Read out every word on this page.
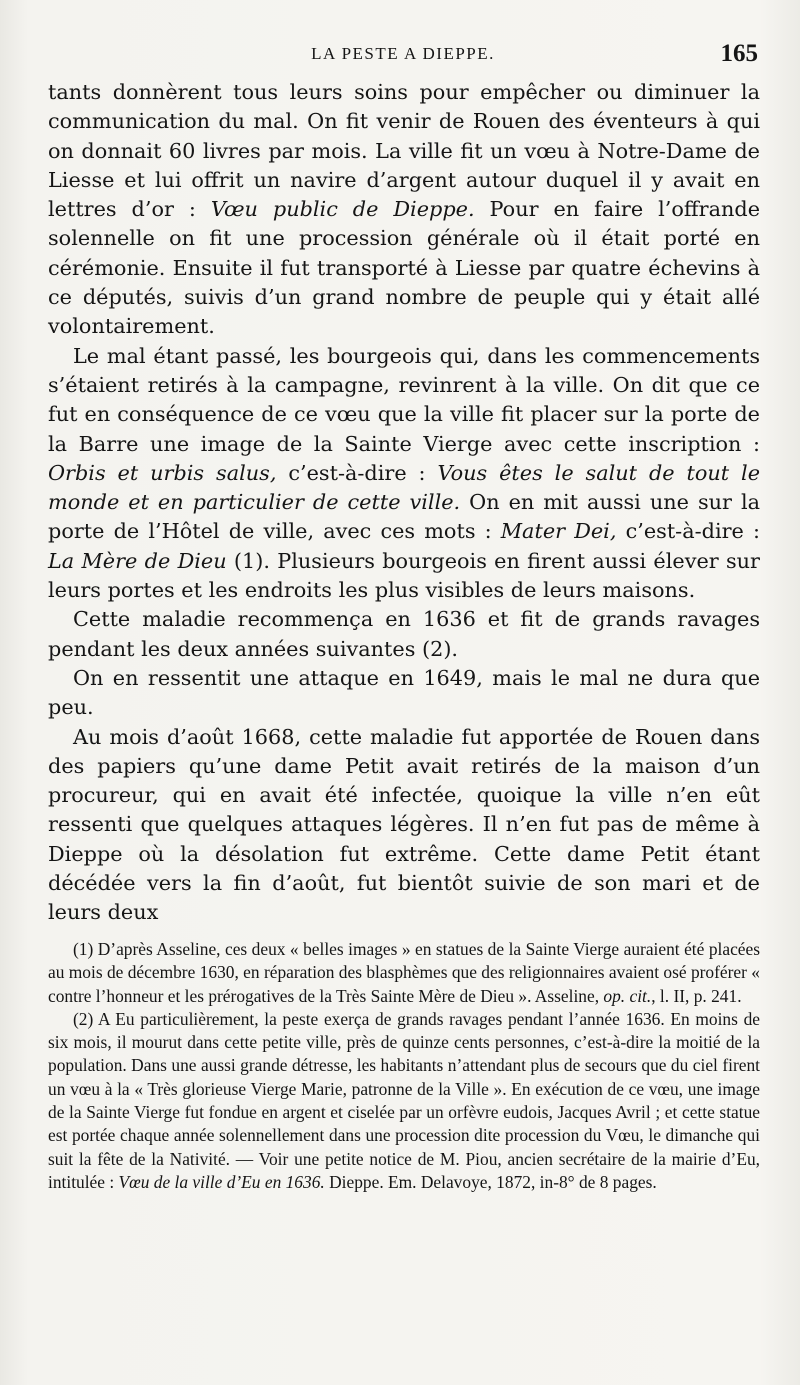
LA PESTE A DIEPPE.	165

tants donnèrent tous leurs soins pour empêcher ou diminuer la communication du mal. On fit venir de Rouen des éventeurs à qui on donnait 60 livres par mois. La ville fit un vœu à Notre-Dame de Liesse et lui offrit un navire d’argent autour duquel il y avait en lettres d’or : Vœu public de Dieppe. Pour en faire l’offrande solennelle on fit une procession générale où il était porté en cérémonie. Ensuite il fut transporté à Liesse par quatre échevins à ce députés, suivis d’un grand nombre de peuple qui y était allé volontairement.

Le mal étant passé, les bourgeois qui, dans les commencements s’étaient retirés à la campagne, revinrent à la ville. On dit que ce fut en conséquence de ce vœu que la ville fit placer sur la porte de la Barre une image de la Sainte Vierge avec cette inscription : Orbis et urbis salus, c’est-à-dire : Vous êtes le salut de tout le monde et en particulier de cette ville. On en mit aussi une sur la porte de l’Hôtel de ville, avec ces mots : Mater Dei, c’est-à-dire : La Mère de Dieu (1). Plusieurs bourgeois en firent aussi élever sur leurs portes et les endroits les plus visibles de leurs maisons.

Cette maladie recommença en 1636 et fit de grands ravages pendant les deux années suivantes (2).

On en ressentit une attaque en 1649, mais le mal ne dura que peu.

Au mois d’août 1668, cette maladie fut apportée de Rouen dans des papiers qu’une dame Petit avait retirés de la maison d’un procureur, qui en avait été infectée, quoique la ville n’en eût ressenti que quelques attaques légères. Il n’en fut pas de même à Dieppe où la désolation fut extrême. Cette dame Petit étant décédée vers la fin d’août, fut bientôt suivie de son mari et de leurs deux

(1) D’après Asseline, ces deux « belles images » en statues de la Sainte Vierge auraient été placées au mois de décembre 1630, en réparation des blasphèmes que des religionnaires avaient osé proférer « contre l’honneur et les prérogatives de la Très Sainte Mère de Dieu ». Asseline, op. cit., l. II, p. 241.

(2) A Eu particulièrement, la peste exerça de grands ravages pendant l’année 1636. En moins de six mois, il mourut dans cette petite ville, près de quinze cents personnes, c’est-à-dire la moitié de la population. Dans une aussi grande détresse, les habitants n’attendant plus de secours que du ciel firent un vœu à la « Très glorieuse Vierge Marie, patronne de la Ville ». En exécution de ce vœu, une image de la Sainte Vierge fut fondue en argent et ciselée par un orfèvre eudois, Jacques Avril ; et cette statue est portée chaque année solennellement dans une procession dite procession du Vœu, le dimanche qui suit la fête de la Nativité. — Voir une petite notice de M. Piou, ancien secrétaire de la mairie d’Eu, intitulée : Vœu de la ville d’Eu en 1636. Dieppe. Em. Delavoye, 1872, in-8° de 8 pages.
